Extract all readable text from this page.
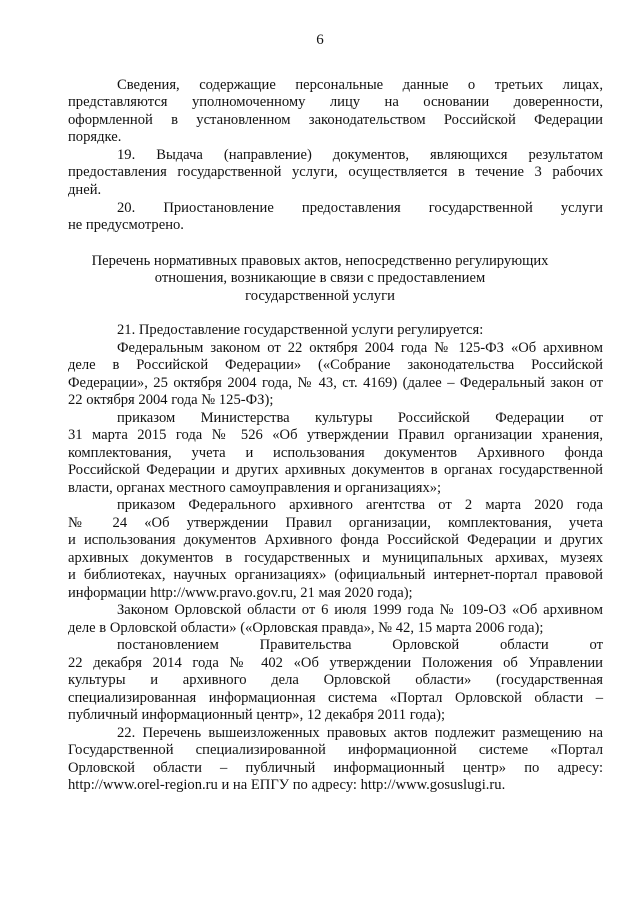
6
Сведения, содержащие персональные данные о третьих лицах,
представляются уполномоченному лицу на основании доверенности,
оформленной в установленном законодательством Российской Федерации
порядке.
19. Выдача (направление) документов, являющихся результатом
предоставления государственной услуги, осуществляется в течение 3 рабочих
дней.
20. Приостановление предоставления государственной услуги
не предусмотрено.
Перечень нормативных правовых актов, непосредственно регулирующих
отношения, возникающие в связи с предоставлением
государственной услуги
21. Предоставление государственной услуги регулируется:
Федеральным законом от 22 октября 2004 года № 125-ФЗ «Об архивном
деле в Российской Федерации» («Собрание законодательства Российской
Федерации», 25 октября 2004 года, № 43, ст. 4169) (далее – Федеральный закон от
22 октября 2004 года № 125-ФЗ);
приказом Министерства культуры Российской Федерации от
31 марта 2015 года № 526 «Об утверждении Правил организации хранения,
комплектования, учета и использования документов Архивного фонда
Российской Федерации и других архивных документов в органах государственной
власти, органах местного самоуправления и организациях»;
приказом Федерального архивного агентства от 2 марта 2020 года
№ 24 «Об утверждении Правил организации, комплектования, учета
и использования документов Архивного фонда Российской Федерации и других
архивных документов в государственных и муниципальных архивах, музеях
и библиотеках, научных организациях» (официальный интернет-портал правовой
информации http://www.pravo.gov.ru, 21 мая 2020 года);
Законом Орловской области от 6 июля 1999 года № 109-ОЗ «Об архивном
деле в Орловской области» («Орловская правда», № 42, 15 марта 2006 года);
постановлением Правительства Орловской области от
22 декабря 2014 года № 402 «Об утверждении Положения об Управлении
культуры и архивного дела Орловской области» (государственная
специализированная информационная система «Портал Орловской области –
публичный информационный центр», 12 декабря 2011 года);
22. Перечень вышеизложенных правовых актов подлежит размещению на
Государственной специализированной информационной системе «Портал
Орловской области – публичный информационный центр» по адресу:
http://www.orel-region.ru и на ЕПГУ по адресу: http://www.gosuslugi.ru.
